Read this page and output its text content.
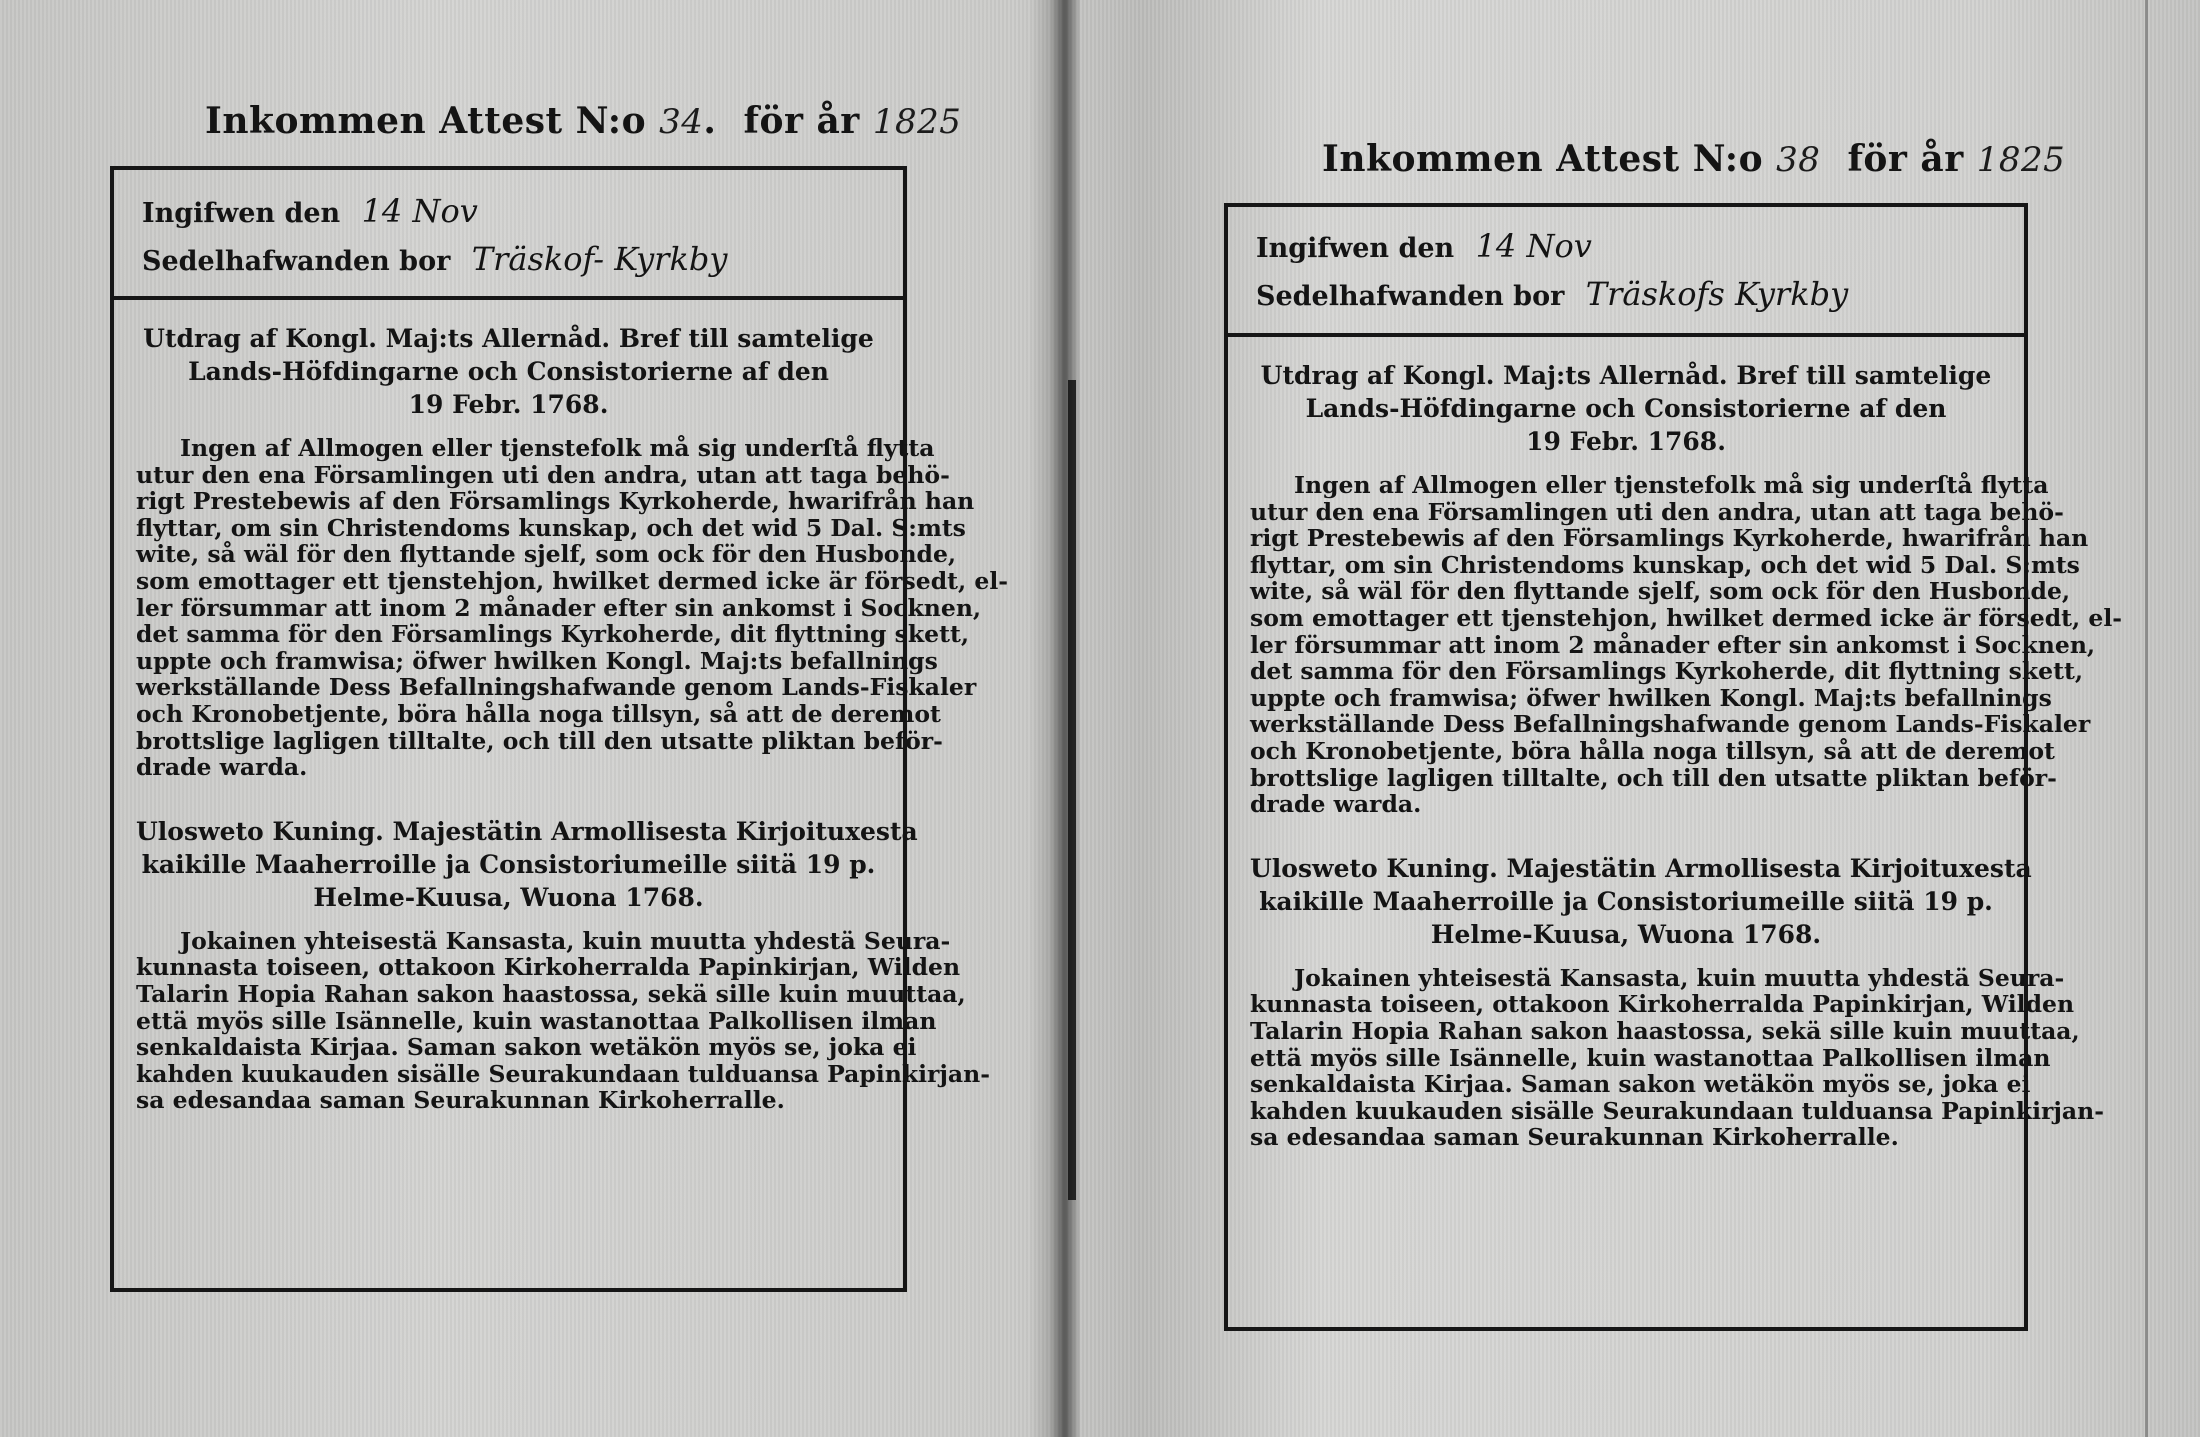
Inkommen Attest N:o 34. för år 1825
Ingifwen den 14 Nov
Sedelhafwanden bor Träskof- Kyrkby
Utdrag af Kongl. Maj:ts Allernåd. Bref till samtelige
Lands-Höfdingarne och Consistorierne af den
19 Febr. 1768.

Ingen af Allmogen eller tjenstefolk må sig underſtå flytta
utur den ena Församlingen uti den andra, utan att taga behö-
rigt Prestebewis af den Församlings Kyrkoherde, hwarifrån han
flyttar, om sin Christendoms kunskap, och det wid 5 Dal. S:mts
wite, så wäl för den flyttande sjelf, som ock för den Husbonde,
som emottager ett tjenstehjon, hwilket dermed icke är försedt, el-
ler försummar att inom 2 månader efter sin ankomst i Socknen,
det samma för den Församlings Kyrkoherde, dit flyttning skett,
uppte och framwisa; öfwer hwilken Kongl. Maj:ts befallnings
werkställande Dess Befallningshafwande genom Lands-Fiskaler
och Kronobetjente, böra hålla noga tillsyn, så att de deremot
brottslige lagligen tilltalte, och till den utsatte pliktan beför-
drade warda.

Ulosweto Kuning. Majestätin Armollisesta Kirjoituxesta
kaikille Maaherroille ja Consistoriumeille siitä 19 p.
Helme-Kuusa, Wuona 1768.

Jokainen yhteisestä Kansasta, kuin muutta yhdestä Seura-
kunnasta toiseen, ottakoon Kirkoherralda Papinkirjan, Wilden
Talarin Hopia Rahan sakon haastossa, sekä sille kuin muuttaa,
että myös sille Isännelle, kuin wastanottaa Palkollisen ilman
senkaldaista Kirjaa. Saman sakon wetäkön myös se, joka ei
kahden kuukauden sisälle Seurakundaan tulduansa Papinkirjan-
sa edesandaa saman Seurakunnan Kirkoherralle.

Inkommen Attest N:o 38 för år 1825
Ingifwen den 14 Nov
Sedelhafwanden bor Träskofs Kyrkby
Utdrag af Kongl. Maj:ts Allernåd. Bref till samtelige
Lands-Höfdingarne och Consistorierne af den
19 Febr. 1768.

Ingen af Allmogen eller tjenstefolk må sig underſtå flytta
utur den ena Församlingen uti den andra, utan att taga behö-
rigt Prestebewis af den Församlings Kyrkoherde, hwarifrån han
flyttar, om sin Christendoms kunskap, och det wid 5 Dal. S:mts
wite, så wäl för den flyttande sjelf, som ock för den Husbonde,
som emottager ett tjenstehjon, hwilket dermed icke är försedt, el-
ler försummar att inom 2 månader efter sin ankomst i Socknen,
det samma för den Församlings Kyrkoherde, dit flyttning skett,
uppte och framwisa; öfwer hwilken Kongl. Maj:ts befallnings
werkställande Dess Befallningshafwande genom Lands-Fiskaler
och Kronobetjente, böra hålla noga tillsyn, så att de deremot
brottslige lagligen tilltalte, och till den utsatte pliktan beför-
drade warda.

Ulosweto Kuning. Majestätin Armollisesta Kirjoituxesta
kaikille Maaherroille ja Consistoriumeille siitä 19 p.
Helme-Kuusa, Wuona 1768.

Jokainen yhteisestä Kansasta, kuin muutta yhdestä Seura-
kunnasta toiseen, ottakoon Kirkoherralda Papinkirjan, Wilden
Talarin Hopia Rahan sakon haastossa, sekä sille kuin muuttaa,
että myös sille Isännelle, kuin wastanottaa Palkollisen ilman
senkaldaista Kirjaa. Saman sakon wetäkön myös se, joka ei
kahden kuukauden sisälle Seurakundaan tulduansa Papinkirjan-
sa edesandaa saman Seurakunnan Kirkoherralle.
